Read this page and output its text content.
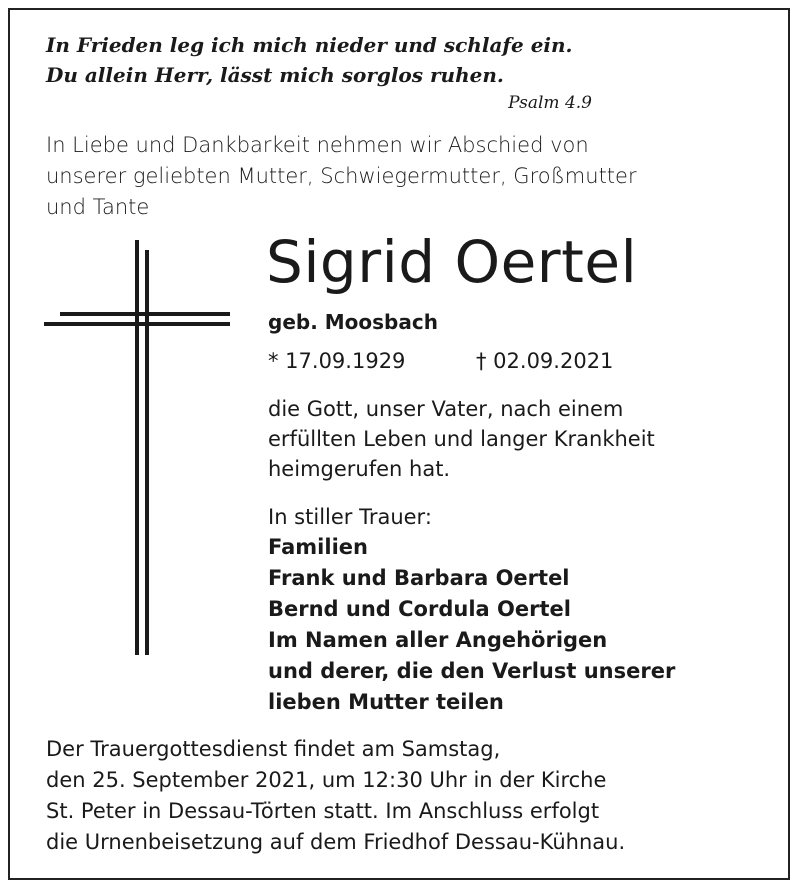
In Frieden leg ich mich nieder und schlafe ein.
Du allein Herr, lässt mich sorglos ruhen.
Psalm 4.9
In Liebe und Dankbarkeit nehmen wir Abschied von
unserer geliebten Mutter, Schwiegermutter, Großmutter
und Tante
Sigrid Oertel
geb. Moosbach
* 17.09.1929	† 02.09.2021
die Gott, unser Vater, nach einem
erfüllten Leben und langer Krankheit
heimgerufen hat.
In stiller Trauer:
Familien
Frank und Barbara Oertel
Bernd und Cordula Oertel
Im Namen aller Angehörigen
und derer, die den Verlust unserer
lieben Mutter teilen
Der Trauergottesdienst findet am Samstag,
den 25. September 2021, um 12:30 Uhr in der Kirche
St. Peter in Dessau-Törten statt. Im Anschluss erfolgt
die Urnenbeisetzung auf dem Friedhof Dessau-Kühnau.
